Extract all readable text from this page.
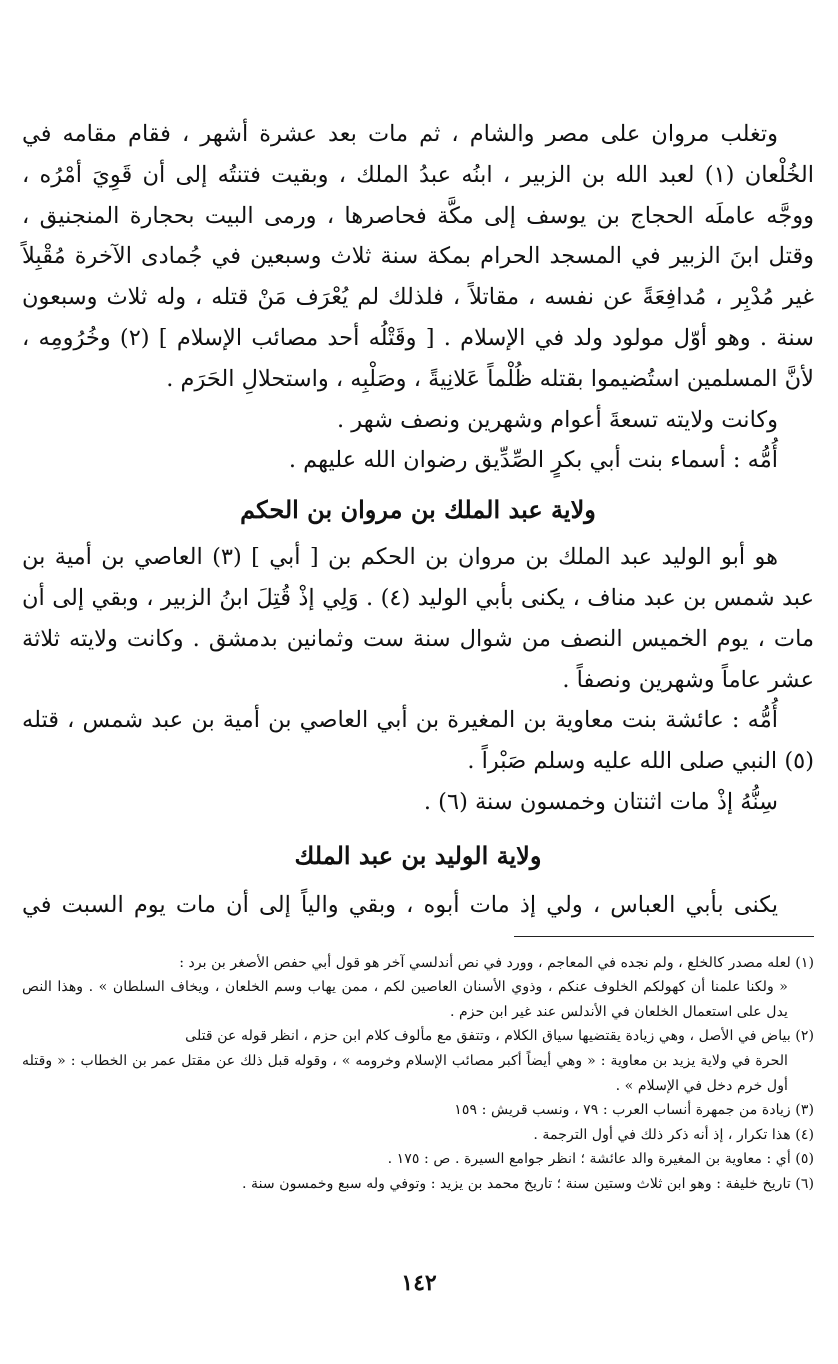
وتغلب مروان على مصر والشام ، ثم مات بعد عشرة أشهر ، فقام مقامه في الخُلْعان (١) لعبد الله بن الزبير ، ابنُه عبدُ الملك ، وبقيت فتنتُه إلى أن قَوِيَ أمْرُه ، ووجَّه عاملَه الحجاج بن يوسف إلى مكَّة فحاصرها ، ورمى البيت بحجارة المنجنيق ، وقتل ابنَ الزبير في المسجد الحرام بمكة سنة ثلاث وسبعين في جُمادى الآخرة مُقْبِلاً غير مُدْبِر ، مُدافِعَةً عن نفسه ، مقاتلاً ، فلذلك لم يُعْرَف مَنْ قتله ، وله ثلاث وسبعون سنة . وهو أوّل مولود ولد في الإسلام . [ وقَتْلُه أحد مصائب الإسلام ] (٢) وخُرُومِه ، لأنَّ المسلمين استُضيموا بقتله ظُلْماً عَلانِيةً ، وصَلْبِه ، واستحلالِ الحَرَم .

وكانت ولايته تسعةَ أعوام وشهرين ونصف شهر .

أُمُّه : أسماء بنت أبي بكرٍ الصِّدِّيق رضوان الله عليهم .

ولاية عبد الملك بن مروان بن الحكم

هو أبو الوليد عبد الملك بن مروان بن الحكم بن [ أبي ] (٣) العاصي بن أمية بن عبد شمس بن عبد مناف ، يكنى بأبي الوليد (٤) . وَلِي إذْ قُتِلَ ابنُ الزبير ، وبقي إلى أن مات ، يوم الخميس النصف من شوال سنة ست وثمانين بدمشق . وكانت ولايته ثلاثة عشر عاماً وشهرين ونصفاً .

أُمُّه : عائشة بنت معاوية بن المغيرة بن أبي العاصي بن أمية بن عبد شمس ، قتله (٥) النبي صلى الله عليه وسلم صَبْراً .

سِنُّهُ إذْ مات اثنتان وخمسون سنة (٦) .

ولاية الوليد بن عبد الملك

يكنى بأبي العباس ، ولي إذ مات أبوه ، وبقي والياً إلى أن مات يوم السبت في

(١) لعله مصدر كالخلع ، ولم نجده في المعاجم ، وورد في نص أندلسي آخر هو قول أبي حفص الأصغر بن برد :

« ولكنا علمنا أن كهولكم الخلوف عنكم ، وذوي الأسنان العاصين لكم ، ممن يهاب وسم الخلعان ، ويخاف السلطان » . وهذا النص يدل على استعمال الخلعان في الأندلس عند غير ابن حزم .

(٢) بياض في الأصل ، وهي زيادة يقتضيها سياق الكلام ، وتتفق مع مألوف كلام ابن حزم ، انظر قوله عن قتلى

الحرة في ولاية يزيد بن معاوية : « وهي أيضاً أكبر مصائب الإسلام وخرومه » ، وقوله قبل ذلك عن مقتل عمر بن الخطاب : « وقتله أول خرم دخل في الإسلام » .

(٣) زيادة من جمهرة أنساب العرب : ٧٩ ، ونسب قريش : ١٥٩

(٤) هذا تكرار ، إذ أنه ذكر ذلك في أول الترجمة .

(٥) أي : معاوية بن المغيرة والد عائشة ؛ انظر جوامع السيرة . ص : ١٧٥ .

(٦) تاريخ خليفة : وهو ابن ثلاث وستين سنة ؛ تاريخ محمد بن يزيد : وتوفي وله سبع وخمسون سنة .

١٤٢
